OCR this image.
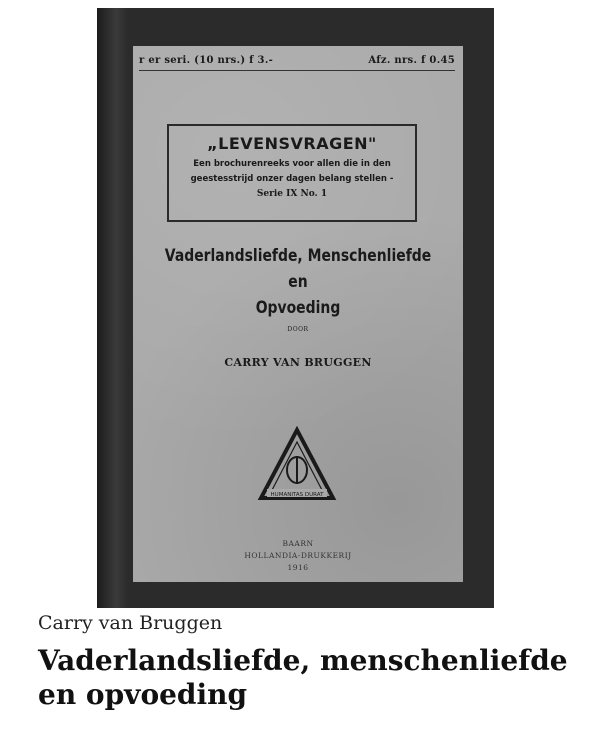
r er seri. (10 nrs.) f 3.-	Afz. nrs. f 0.45
„LEVENSVRAGEN"
Een brochurenreeks voor allen die in den
geestesstrijd onzer dagen belang stellen -
Serie IX No. 1
Vaderlandsliefde, Menschenliefde en
Opvoeding
DOOR
CARRY VAN BRUGGEN
HUMANITAS DURAT
BAARN
HOLLANDIA-DRUKKERIJ
1916
Carry van Bruggen
Vaderlandsliefde, menschenliefde en opvoeding
